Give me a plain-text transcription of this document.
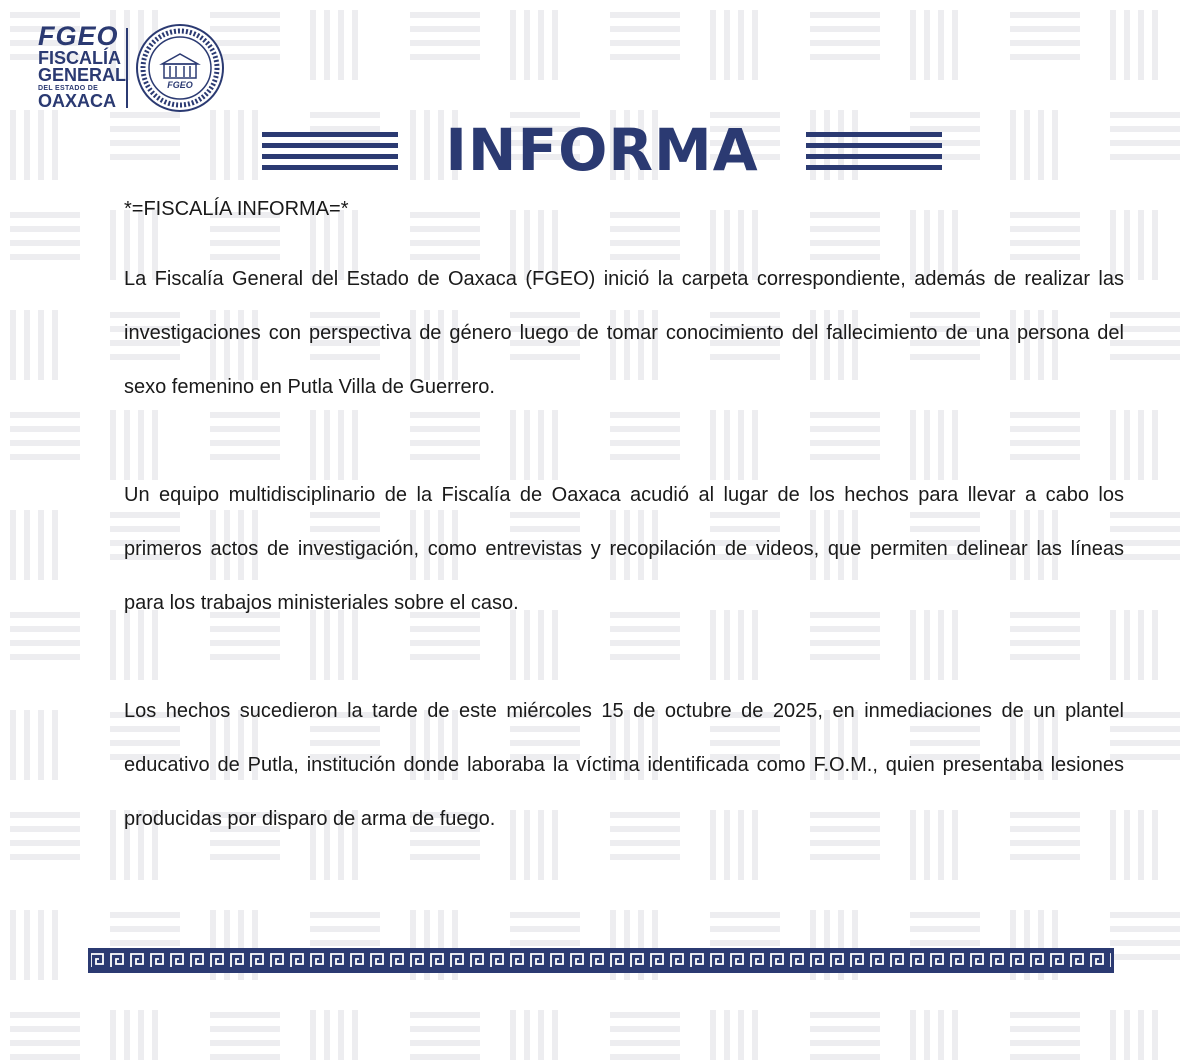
FGEO
FISCALÍA
GENERAL
DEL ESTADO DE
OAXACA
FGEO
INFORMA

*=FISCALÍA INFORMA=*

La Fiscalía General del Estado de Oaxaca (FGEO) inició la carpeta correspondiente, además de realizar las investigaciones con perspectiva de género luego de tomar conocimiento del fallecimiento de una persona del sexo femenino en Putla Villa de Guerrero.

Un equipo multidisciplinario de la Fiscalía de Oaxaca acudió al lugar de los hechos para llevar a cabo los primeros actos de investigación, como entrevistas y recopilación de videos, que permiten delinear las líneas para los trabajos ministeriales sobre el caso.

Los hechos sucedieron la tarde de este miércoles 15 de octubre de 2025, en inmediaciones de un plantel educativo de Putla, institución donde laboraba la víctima identificada como F.O.M., quien presentaba lesiones producidas por disparo de arma de fuego.
